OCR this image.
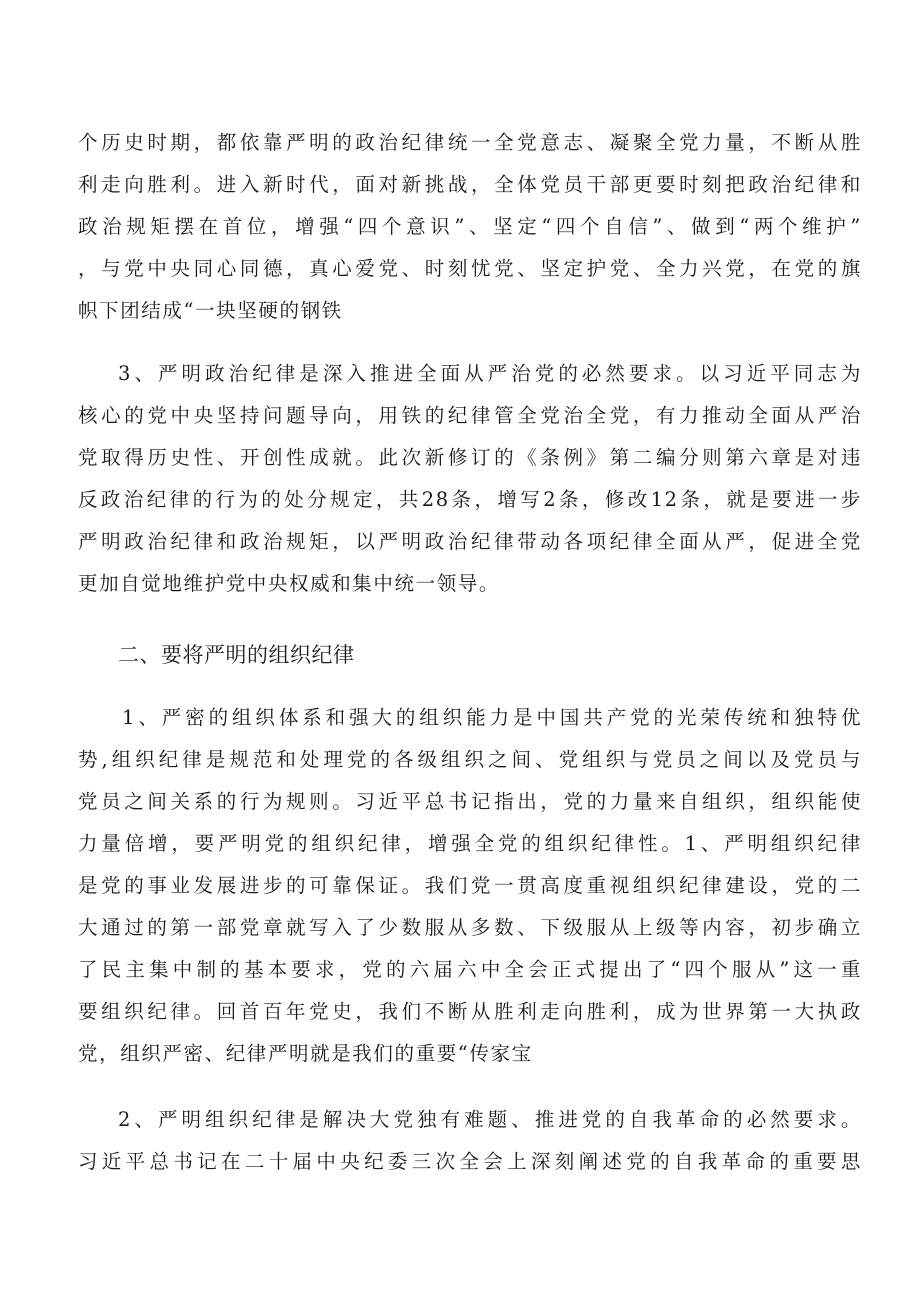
个历史时期，都依靠严明的政治纪律统一全党意志、凝聚全党力量，不断从胜
利走向胜利。进入新时代，面对新挑战，全体党员干部更要时刻把政治纪律和
政治规矩摆在首位，增强“四个意识”、坚定“四个自信”、做到“两个维护”
，与党中央同心同德，真心爱党、时刻忧党、坚定护党、全力兴党，在党的旗
帜下团结成“一块坚硬的钢铁
3、严明政治纪律是深入推进全面从严治党的必然要求。以习近平同志为
核心的党中央坚持问题导向，用铁的纪律管全党治全党，有力推动全面从严治
党取得历史性、开创性成就。此次新修订的《条例》第二编分则第六章是对违
反政治纪律的行为的处分规定，共28条，增写2条，修改12条，就是要进一步
严明政治纪律和政治规矩，以严明政治纪律带动各项纪律全面从严，促进全党
更加自觉地维护党中央权威和集中统一领导。
二、要将严明的组织纪律
1、严密的组织体系和强大的组织能力是中国共产党的光荣传统和独特优
势,组织纪律是规范和处理党的各级组织之间、党组织与党员之间以及党员与
党员之间关系的行为规则。习近平总书记指出，党的力量来自组织，组织能使
力量倍增，要严明党的组织纪律，增强全党的组织纪律性。1、严明组织纪律
是党的事业发展进步的可靠保证。我们党一贯高度重视组织纪律建设，党的二
大通过的第一部党章就写入了少数服从多数、下级服从上级等内容，初步确立
了民主集中制的基本要求，党的六届六中全会正式提出了“四个服从”这一重
要组织纪律。回首百年党史，我们不断从胜利走向胜利，成为世界第一大执政
党，组织严密、纪律严明就是我们的重要“传家宝
2、严明组织纪律是解决大党独有难题、推进党的自我革命的必然要求。
习近平总书记在二十届中央纪委三次全会上深刻阐述党的自我革命的重要思
